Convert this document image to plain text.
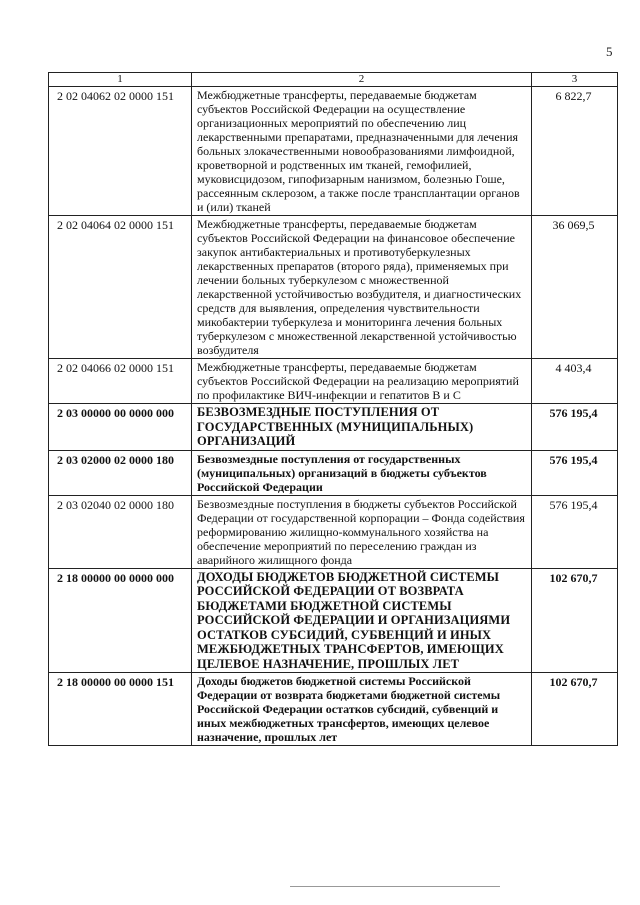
5
1	2	3
2 02 04062 02 0000 151	Межбюджетные трансферты, передаваемые бюджетам субъектов Российской Федерации на осуществление организационных мероприятий по обеспечению лиц лекарственными препаратами, предназначенными для лечения больных злокачественными новообразованиями лимфоидной, кроветворной и родственных им тканей, гемофилией, муковисцидозом, гипофизарным нанизмом, болезнью Гоше, рассеянным склерозом, а также после трансплантации органов и (или) тканей	6 822,7
2 02 04064 02 0000 151	Межбюджетные трансферты, передаваемые бюджетам субъектов Российской Федерации на финансовое обеспечение закупок антибактериальных и противотуберкулезных лекарственных препаратов (второго ряда), применяемых при лечении больных туберкулезом с множественной лекарственной устойчивостью возбудителя, и диагностических средств для выявления, определения чувствительности микобактерии туберкулеза и мониторинга лечения больных туберкулезом с множественной лекарственной устойчивостью возбудителя	36 069,5
2 02 04066 02 0000 151	Межбюджетные трансферты, передаваемые бюджетам субъектов Российской Федерации на реализацию мероприятий по профилактике ВИЧ-инфекции и гепатитов В и С	4 403,4
2 03 00000 00 0000 000	БЕЗВОЗМЕЗДНЫЕ ПОСТУПЛЕНИЯ ОТ ГОСУДАРСТВЕННЫХ (МУНИЦИПАЛЬНЫХ) ОРГАНИЗАЦИЙ	576 195,4
2 03 02000 02 0000 180	Безвозмездные поступления от государственных (муниципальных) организаций в бюджеты субъектов Российской Федерации	576 195,4
2 03 02040 02 0000 180	Безвозмездные поступления в бюджеты субъектов Российской Федерации от государственной корпорации – Фонда содействия реформированию жилищно-коммунального хозяйства на обеспечение мероприятий по переселению граждан из аварийного жилищного фонда	576 195,4
2 18 00000 00 0000 000	ДОХОДЫ БЮДЖЕТОВ БЮДЖЕТНОЙ СИСТЕМЫ РОССИЙСКОЙ ФЕДЕРАЦИИ ОТ ВОЗВРАТА БЮДЖЕТАМИ БЮДЖЕТНОЙ СИСТЕМЫ РОССИЙСКОЙ ФЕДЕРАЦИИ И ОРГАНИЗАЦИЯМИ ОСТАТКОВ СУБСИДИЙ, СУБВЕНЦИЙ И ИНЫХ МЕЖБЮДЖЕТНЫХ ТРАНСФЕРТОВ, ИМЕЮЩИХ ЦЕЛЕВОЕ НАЗНАЧЕНИЕ, ПРОШЛЫХ ЛЕТ	102 670,7
2 18 00000 00 0000 151	Доходы бюджетов бюджетной системы Российской Федерации от возврата бюджетами бюджетной системы Российской Федерации остатков субсидий, субвенций и иных межбюджетных трансфертов, имеющих целевое назначение, прошлых лет	102 670,7
